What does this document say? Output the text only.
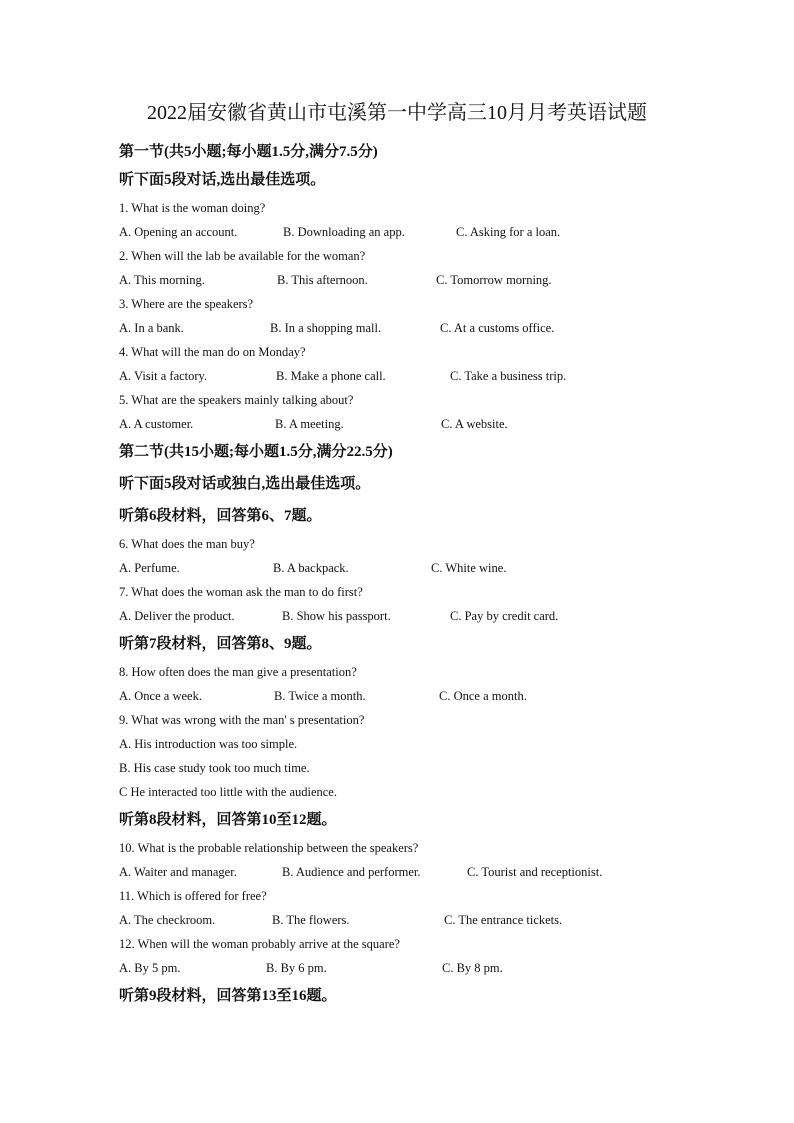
2022届安徽省黄山市屯溪第一中学高三10月月考英语试题
第一节(共5小题;每小题1.5分,满分7.5分)
听下面5段对话,选出最佳选项。
1. What is the woman doing?
A. Opening an account.	B. Downloading an app.	C. Asking for a loan.
2. When will the lab be available for the woman?
A. This morning.	B. This afternoon.	C. Tomorrow morning.
3. Where are the speakers?
A. In a bank.	B. In a shopping mall.	C. At a customs office.
4. What will the man do on Monday?
A. Visit a factory.	B. Make a phone call.	C. Take a business trip.
5. What are the speakers mainly talking about?
A. A customer.	B. A meeting.	C. A website.
第二节(共15小题;每小题1.5分,满分22.5分)
听下面5段对话或独白,选出最佳选项。
听第6段材料，回答第6、7题。
6. What does the man buy?
A. Perfume.	B. A backpack.	C. White wine.
7. What does the woman ask the man to do first?
A. Deliver the product.	B. Show his passport.	C. Pay by credit card.
听第7段材料，回答第8、9题。
8. How often does the man give a presentation?
A. Once a week.	B. Twice a month.	C. Once a month.
9. What was wrong with the man' s presentation?
A. His introduction was too simple.
B. His case study took too much time.
C He interacted too little with the audience.
听第8段材料，回答第10至12题。
10. What is the probable relationship between the speakers?
A. Waiter and manager.	B. Audience and performer.	C. Tourist and receptionist.
11. Which is offered for free?
A. The checkroom.	B. The flowers.	C. The entrance tickets.
12. When will the woman probably arrive at the square?
A. By 5 pm.	B. By 6 pm.	C. By 8 pm.
听第9段材料，回答第13至16题。
